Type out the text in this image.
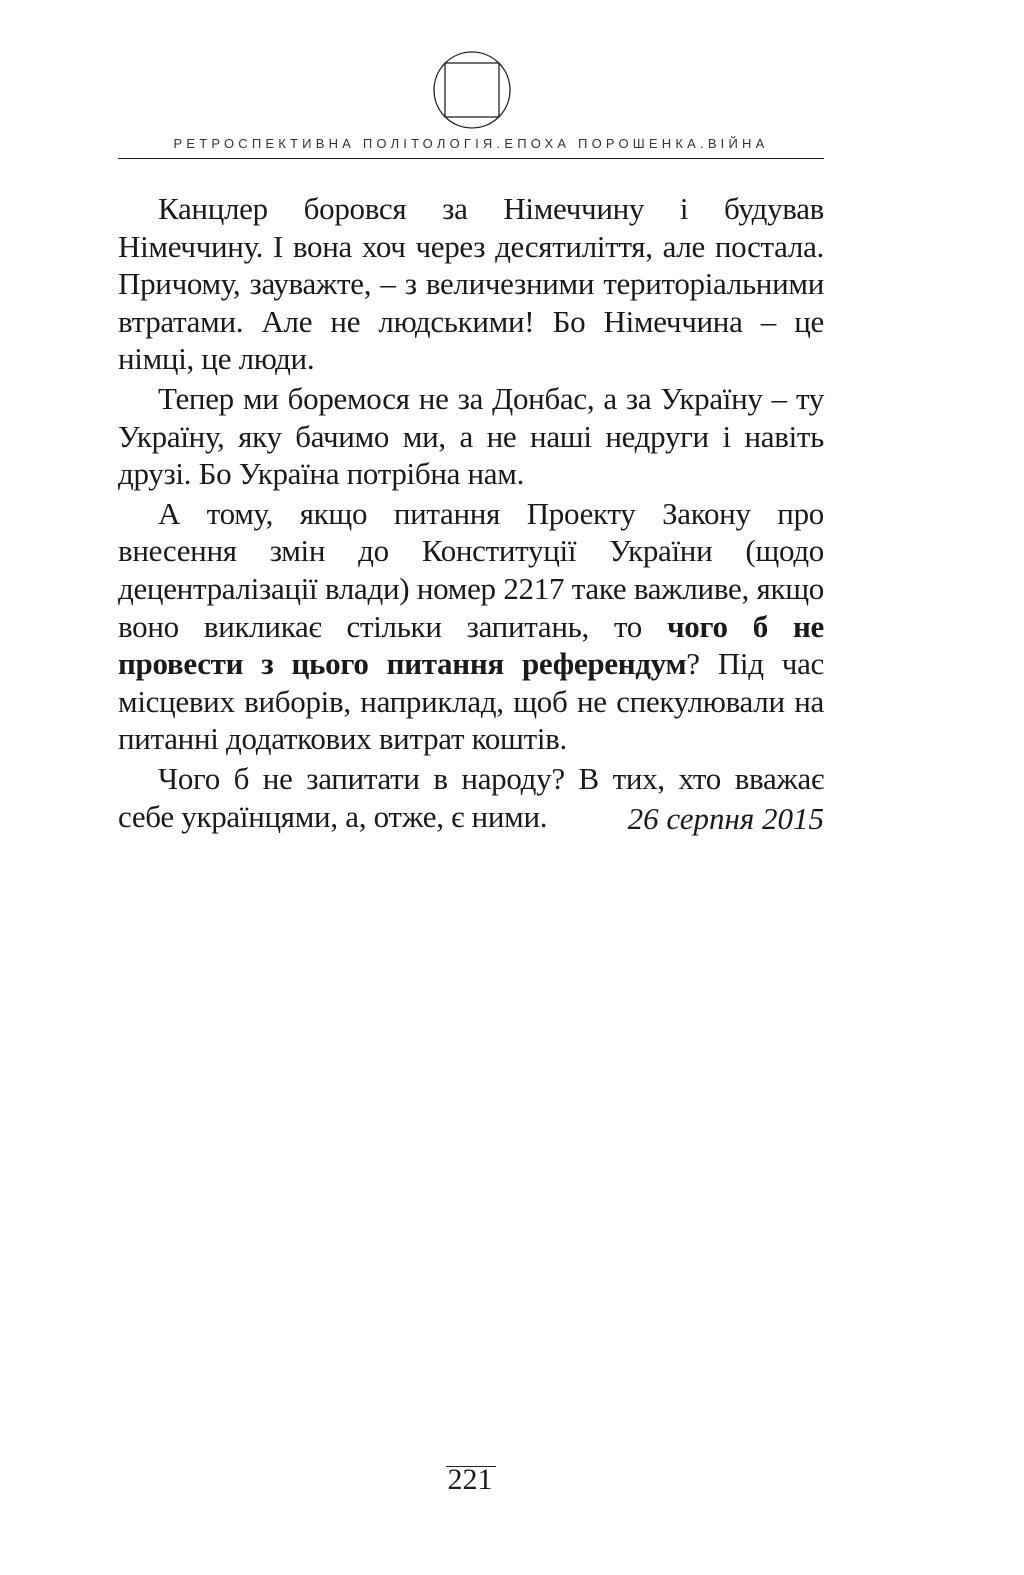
РЕТРОСПЕКТИВНА ПОЛІТОЛОГІЯ.ЕПОХА ПОРОШЕНКА.ВІЙНА

Канцлер боровся за Німеччину і будував Німеччину. І вона хоч через десятиліття, але постала. Причому, зауважте, – з величезними територіальними втратами. Але не людськими! Бо Німеччина – це німці, це люди.

Тепер ми боремося не за Донбас, а за Україну – ту Україну, яку бачимо ми, а не наші недруги і навіть друзі. Бо Україна потрібна нам.

А тому, якщо питання Проекту Закону про внесення змін до Конституції України (щодо децентралізації влади) номер 2217 таке важливе, якщо воно викликає стільки запитань, то чого б не провести з цього питання референдум? Під час місцевих виборів, наприклад, щоб не спекулювали на питанні додаткових витрат коштів.

Чого б не запитати в народу? В тих, хто вважає себе українцями, а, отже, є ними.	26 серпня 2015
221
